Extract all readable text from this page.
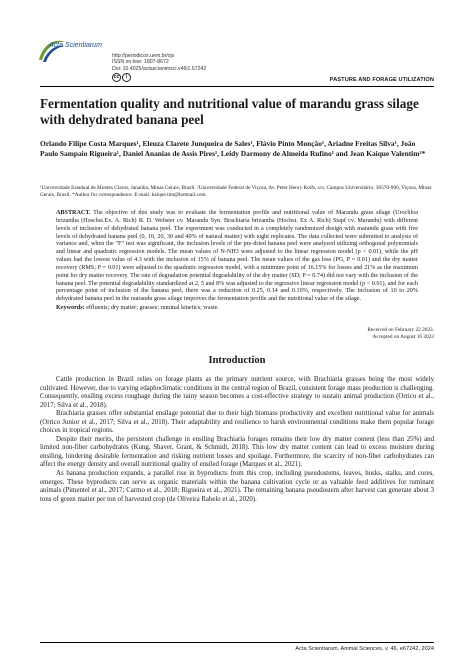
Acta Scientiarum
http://periodicos.uem.br/ojs
ISSN on-line: 1807-8672
Doi: 10.4025/actascianimsci.v46i1.67242
cc	i	PASTURE AND FORAGE UTILIZATION
Fermentation quality and nutritional value of marandu grass silage with dehydrated banana peel
Orlando Filipe Costa Marques¹, Eleuza Clarete Junqueira de Sales¹, Flávio Pinto Monção¹, Ariadne Freitas Silva¹, João Paulo Sampaio Rigueira¹, Daniel Ananias de Assis Pires¹, Leidy Darmony de Almeida Rufino¹ and Jean Kaique Valentim²*
¹Universidade Estadual de Montes Claros, Janaúba, Minas Gerais, Brazil. ²Universidade Federal de Viçosa, Av. Peter Henry Rolfs, s/n, Campus Universitário, 36570-900, Viçosa, Minas Gerais, Brazil. *Author for correspondence. E-mail: kaique.tim@hotmail.com

ABSTRACT. The objective of this study was to evaluate the fermentation profile and nutritional value of Marandu grass silage (Urochloa brizantha (Hoschst.Ex. A. Rich) R. D. Webster cv. Marandu Syn. Brachiaria brizantha (Hochst. Ex A. Rich) Stapf cv. Marandu) with different levels of inclusion of dehydrated banana peel. The experiment was conducted in a completely randomized design with marandu grass with five levels of dehydrated banana peel (0, 10, 20, 30 and 40% of natural matter) with eight replicates. The data collected were submitted to analysis of variance and, when the "F" test was significant, the inclusion levels of the pre-dried banana peel were analyzed utilizing orthogonal polynomials and linear and quadratic regression models. The mean values of N-NH3 were adjusted to the linear regression model (p < 0.01), while the pH values had the lowest value of 4.3 with the inclusion of 15% of banana peel. The mean values of the gas loss (PG, P = 0.01) and the dry matter recovery (RMS; P = 0.01) were adjusted to the quadratic regression model, with a minimum point of 16.15% for losses and 21% as the maximum point for dry matter recovery. The rate of degradation potential degradability of the dry matter (SD; P = 0.74) did not vary with the inclusion of the banana peel. The potential degradability standardized at 2, 5 and 8% was adjusted to the regressive linear regression model (p < 0.01), and for each percentage point of inclusion of the banana peel, there was a reduction of 0.25, 0.14 and 0.10%, respectively. The inclusion of 10 to 20% dehydrated banana peel in the marandu grass silage improves the fermentation profile and the nutritional value of the silage.

Keywords: effluents; dry matter; grasses; ruminal kinetics; waste.

Received on February 22 2023.
Accepted on August 16 2023
Introduction

Cattle production in Brazil relies on forage plants as the primary nutrient source, with Brachiaria grasses being the most widely cultivated. However, due to varying edaphoclimatic conditions in the central region of Brazil, consistent forage mass production is challenging. Consequently, ensiling excess roughage during the rainy season becomes a cost-effective strategy to sustain animal production (Orrico et al., 2017; Silva et al., 2018).

Brachiaria grasses offer substantial ensilage potential due to their high biomass productivity and excellent nutritional value for animals (Orrico Junior et al., 2017; Silva et al., 2018). Their adaptability and resilience to harsh environmental conditions make them popular forage choices in tropical regions.

Despite their merits, the persistent challenge in ensiling Brachiaria forages remains their low dry matter content (less than 25%) and limited non-fiber carbohydrates (Kung, Shaver, Grant, & Schmidt, 2018). This low dry matter content can lead to excess moisture during ensiling, hindering desirable fermentation and risking nutrient losses and spoilage. Furthermore, the scarcity of non-fiber carbohydrates can affect the energy density and overall nutritional quality of ensiled forage (Marques et al., 2021).

As banana production expands, a parallel rise in byproducts from this crop, including pseudostems, leaves, husks, stalks, and cores, emerges. These byproducts can serve as organic materials within the banana cultivation cycle or as valuable feed additives for ruminant animals (Pimentel et al., 2017; Carmo et al., 2018; Rigueira et al., 2021). The remaining banana pseudostem after harvest can generate about 3 tons of green matter per ton of harvested crop (de Oliveira Rabelo et al., 2020).

Acta Scientiarum. Animal Sciences, v. 46, e67242, 2024
